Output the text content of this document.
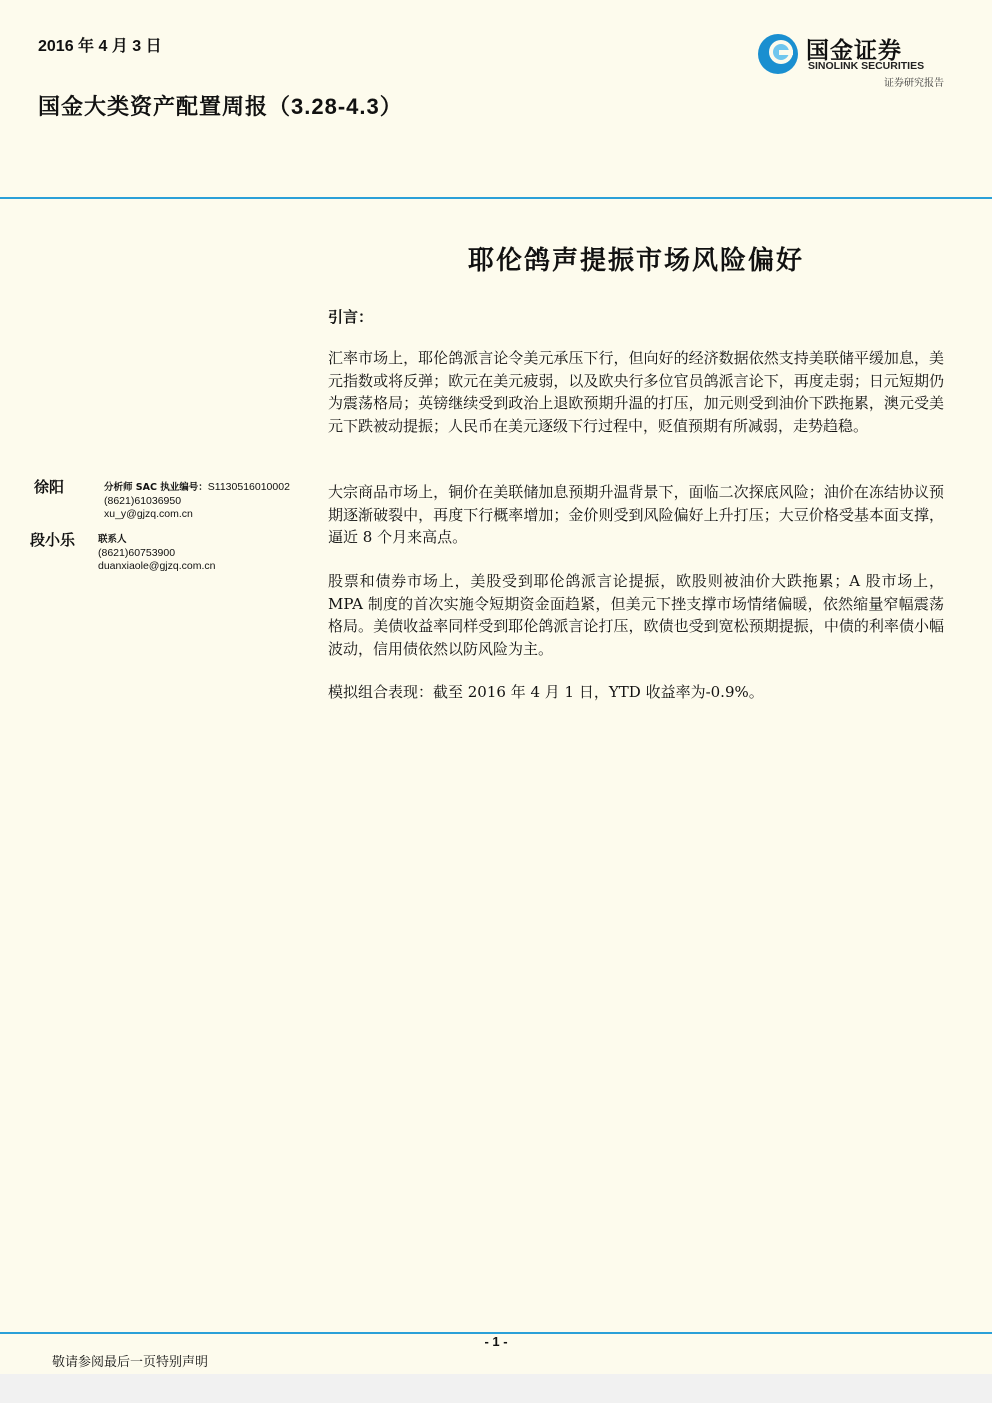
2016 年 4 月 3 日
国金大类资产配置周报（3.28-4.3）
国金证券
SINOLINK SECURITIES
证券研究报告
耶伦鸽声提振市场风险偏好
引言：

汇率市场上，耶伦鸽派言论令美元承压下行，但向好的经济数据依然支持美联储平缓加息，美元指数或将反弹；欧元在美元疲弱，以及欧央行多位官员鸽派言论下，再度走弱；日元短期仍为震荡格局；英镑继续受到政治上退欧预期升温的打压，加元则受到油价下跌拖累，澳元受美元下跌被动提振；人民币在美元逐级下行过程中，贬值预期有所减弱，走势趋稳。

大宗商品市场上，铜价在美联储加息预期升温背景下，面临二次探底风险；油价在冻结协议预期逐渐破裂中，再度下行概率增加；金价则受到风险偏好上升打压；大豆价格受基本面支撑，逼近 8 个月来高点。

股票和债券市场上，美股受到耶伦鸽派言论提振，欧股则被油价大跌拖累；A 股市场上，MPA 制度的首次实施令短期资金面趋紧，但美元下挫支撑市场情绪偏暖，依然缩量窄幅震荡格局。美债收益率同样受到耶伦鸽派言论打压，欧债也受到宽松预期提振，中债的利率债小幅波动，信用债依然以防风险为主。

模拟组合表现：截至 2016 年 4 月 1 日，YTD 收益率为-0.9%。

徐阳	分析师 SAC 执业编号：S1130516010002
(8621)61036950
xu_y@gjzq.com.cn
段小乐 联系人
(8621)60753900
duanxiaole@gjzq.com.cn
- 1 -
敬请参阅最后一页特别声明
